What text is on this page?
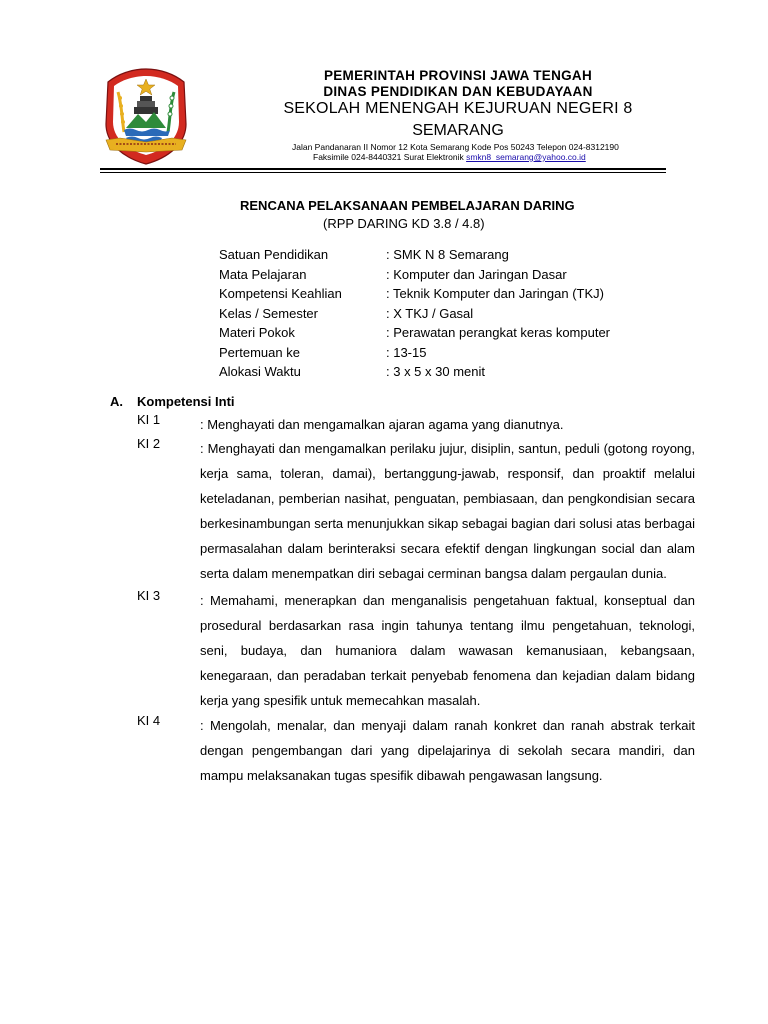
PEMERINTAH PROVINSI JAWA TENGAH
DINAS PENDIDIKAN DAN KEBUDAYAAN
SEKOLAH MENENGAH KEJURUAN NEGERI 8
SEMARANG
Jalan Pandanaran II Nomor 12 Kota Semarang Kode Pos 50243 Telepon 024-8312190
Faksimile 024-8440321 Surat Elektronik smkn8_semarang@yahoo.co.id
RENCANA PELAKSANAAN PEMBELAJARAN DARING
(RPP DARING KD 3.8 / 4.8)
Satuan Pendidikan	: SMK N 8 Semarang
Mata Pelajaran	: Komputer dan Jaringan Dasar
Kompetensi Keahlian	: Teknik Komputer dan Jaringan (TKJ)
Kelas / Semester	: X TKJ / Gasal
Materi Pokok	: Perawatan perangkat keras komputer
Pertemuan ke	: 13-15
Alokasi Waktu	: 3 x 5 x 30 menit
A. Kompetensi Inti
KI 1	: Menghayati dan mengamalkan ajaran agama yang dianutnya.

KI 2	: Menghayati dan mengamalkan perilaku jujur, disiplin, santun, peduli (gotong royong, kerja sama, toleran, damai), bertanggung-jawab, responsif, dan proaktif melalui keteladanan, pemberian nasihat, penguatan, pembiasaan, dan pengkondisian secara berkesinambungan serta menunjukkan sikap sebagai bagian dari solusi atas berbagai permasalahan dalam berinteraksi secara efektif dengan lingkungan social dan alam serta dalam menempatkan diri sebagai cerminan bangsa dalam pergaulan dunia.

KI 3	: Memahami, menerapkan dan menganalisis pengetahuan faktual, konseptual dan prosedural berdasarkan rasa ingin tahunya tentang ilmu pengetahuan, teknologi, seni, budaya, dan humaniora dalam wawasan kemanusiaan, kebangsaan, kenegaraan, dan peradaban terkait penyebab fenomena dan kejadian dalam bidang kerja yang spesifik untuk memecahkan masalah.

KI 4	: Mengolah, menalar, dan menyaji dalam ranah konkret dan ranah abstrak terkait dengan pengembangan dari yang dipelajarinya di sekolah secara mandiri, dan mampu melaksanakan tugas spesifik dibawah pengawasan langsung.
